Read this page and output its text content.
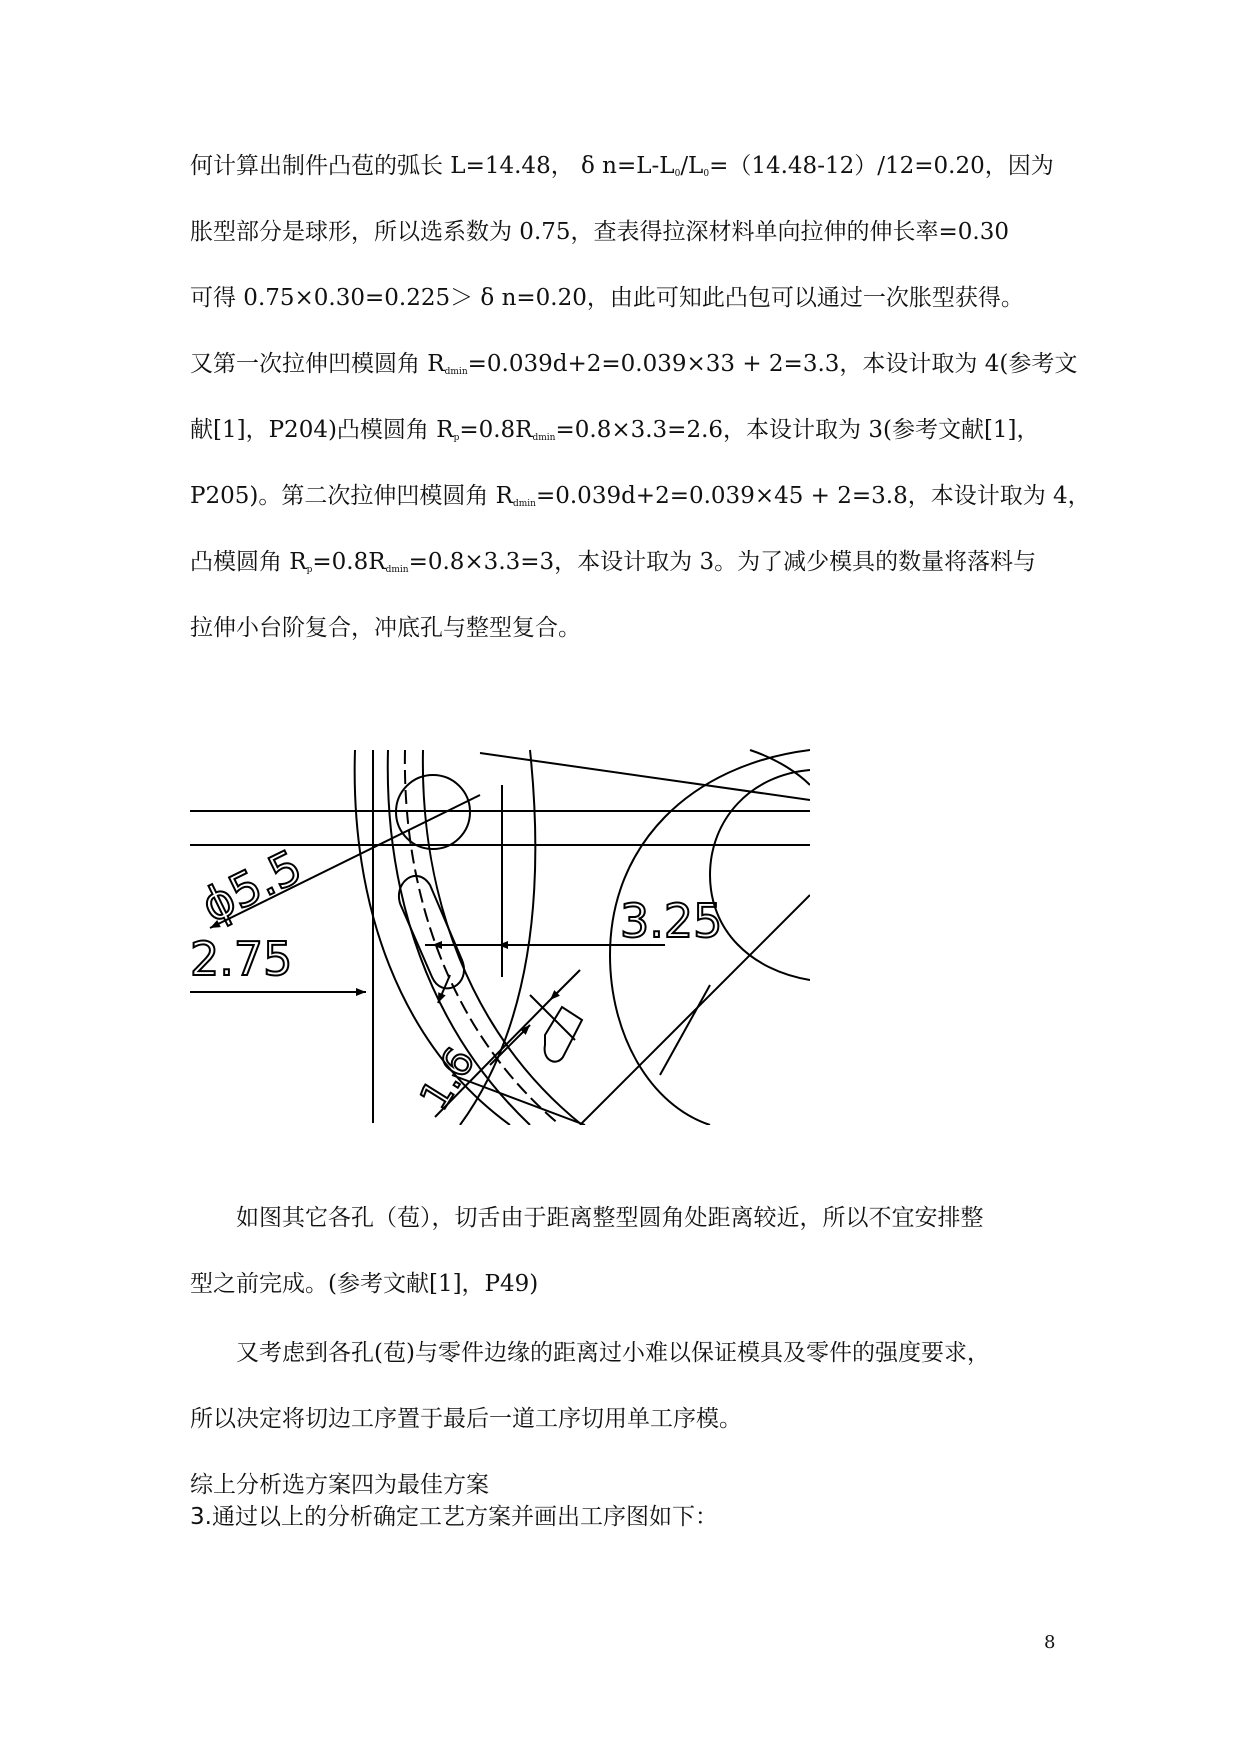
何计算出制件凸苞的弧长 L=14.48， δ $n=L-L_0/L_0=(14.48-12)/12=0.20$，因为
胀型部分是球形，所以选系数为 0.75，查表得拉深材料单向拉伸的伸长率=0.30
可得 0.75×0.30=0.225＞ δ n=0.20，由此可知此凸包可以通过一次胀型获得。
又第一次拉伸凹模圆角 $R_{dmin}=0.039d+2=0.039\times 33 + 2=3.3$，本设计取为 4(参考文
献[1]，P204)凸模圆角 $R_p=0.8R_{dmin}=0.8\times 3.3=2.6$，本设计取为 3(参考文献[1]，
P205)。第二次拉伸凹模圆角 $R_{dmin}=0.039d+2=0.039\times 45 + 2=3.8$，本设计取为 4，
凸模圆角 $R_p=0.8R_{dmin}=0.8\times 3.3=3$，本设计取为 3。为了减少模具的数量将落料与
拉伸小台阶复合，冲底孔与整型复合。
ϕ5.5	3.25
2.75
1.6
如图其它各孔（苞），切舌由于距离整型圆角处距离较近，所以不宜安排整
型之前完成。(参考文献[1]，P49)
又考虑到各孔(苞)与零件边缘的距离过小难以保证模具及零件的强度要求，
所以决定将切边工序置于最后一道工序切用单工序模。
综上分析选方案四为最佳方案
3.通过以上的分析确定工艺方案并画出工序图如下：
8
